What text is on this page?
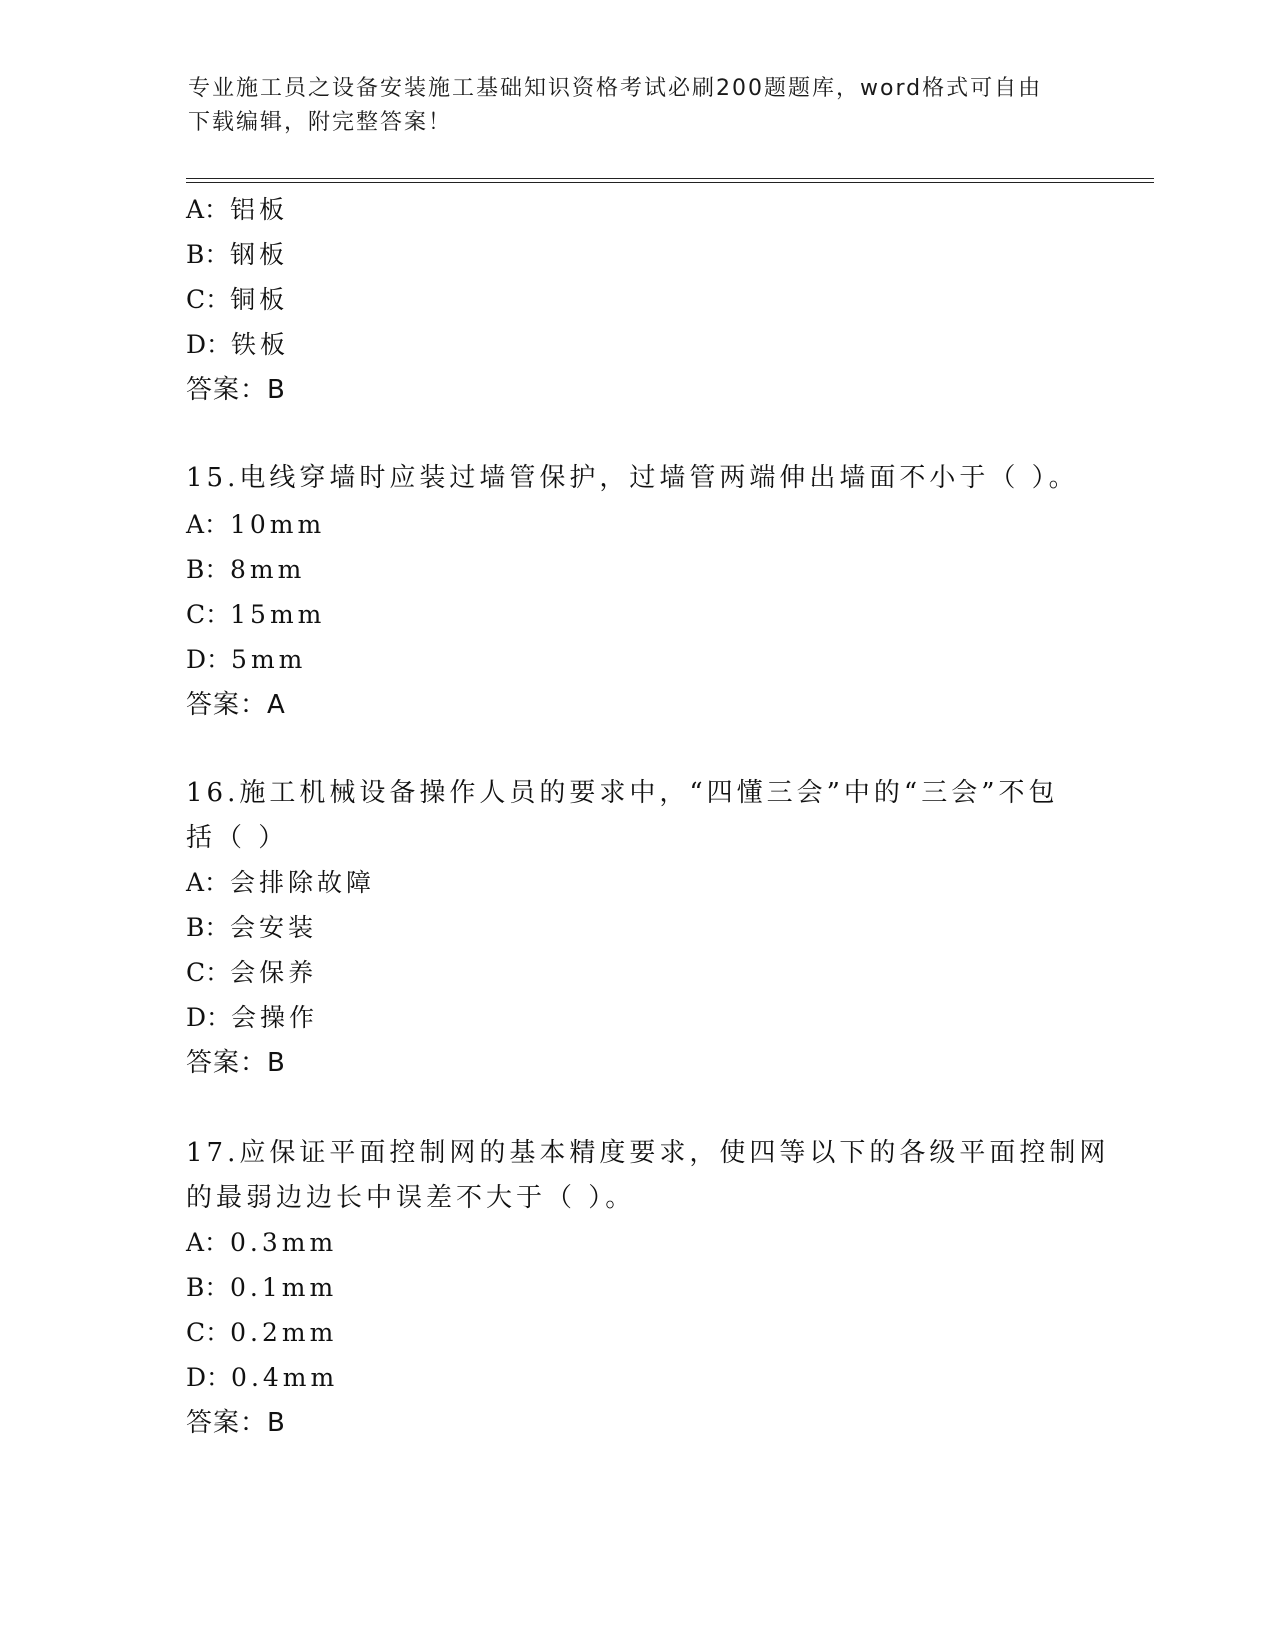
专业施工员之设备安装施工基础知识资格考试必刷200题题库，word格式可自由
下载编辑，附完整答案！
A：铝板
B：钢板
C：铜板
D：铁板
答案：B
15.电线穿墙时应装过墙管保护，过墙管两端伸出墙面不小于（ ）。
A：10mm
B：8mm
C：15mm
D：5mm
答案：A
16.施工机械设备操作人员的要求中，“四懂三会”中的“三会”不包
括（ ）
A：会排除故障
B：会安装
C：会保养
D：会操作
答案：B
17.应保证平面控制网的基本精度要求，使四等以下的各级平面控制网
的最弱边边长中误差不大于（ ）。
A：0.3mm
B：0.1mm
C：0.2mm
D：0.4mm
答案：B
